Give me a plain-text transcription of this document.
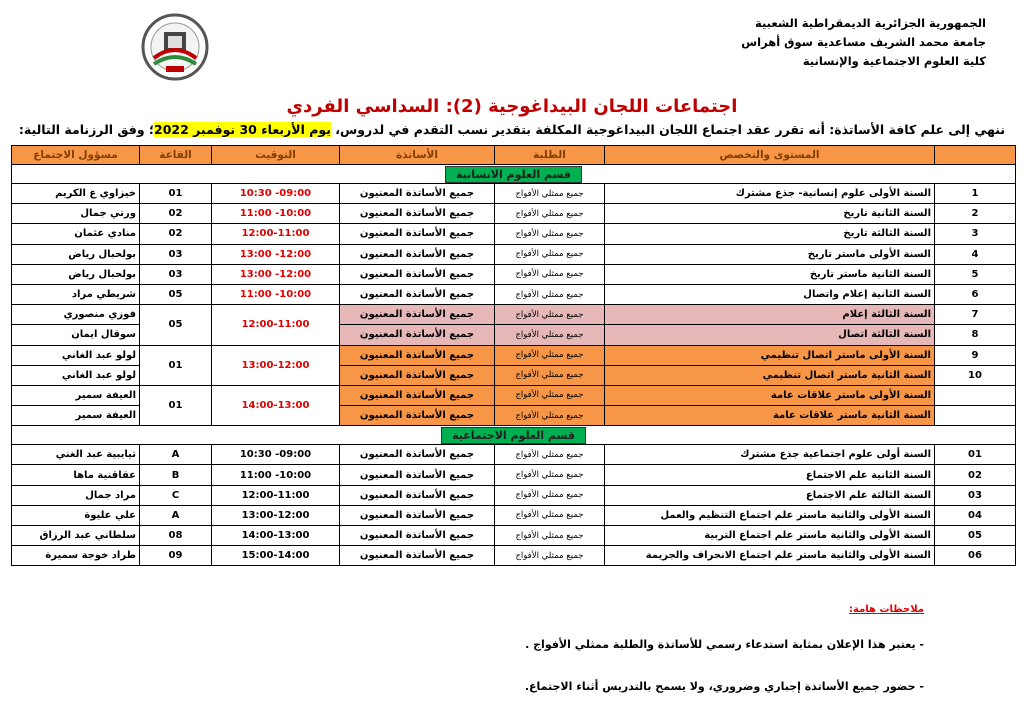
الجمهورية الجزائرية الديمقراطية الشعبية
جامعة محمد الشريف مساعدية سوق أهراس
كلية العلوم الاجتماعية والإنسانية
اجتماعات اللجان البيداغوجية (2): السداسي الفردي
ننهي إلى علم كافة الأساتذة: أنه تقرر عقد اجتماع اللجان البيداغوجية المكلفة بتقدير نسب التقدم في لدروس، يوم الأربعاء 30 نوفمبر 2022؛ وفق الرزنامة التالية:
مسؤول الاجتماع	القاعة	التوقيت	الأساتذة	الطلبة	المستوى والتخصص	
قسم العلوم الانسانية						
خيزاوي ع الكريم	01	10:30 -09:00	جميع الأساتذة المعنيون	جميع ممثلي الأفواج	السنة الأولى علوم إنسانية- جذع مشترك	1
ورتي جمال	02	11:00 -10:00	جميع الأساتذة المعنيون	جميع ممثلي الأفواج	السنة الثانية تاريخ	2
منادي عثمان	02	12:00-11:00	جميع الأساتذة المعنيون	جميع ممثلي الأفواج	السنة الثالثة تاريخ	3
بولحبال رياض	03	13:00 -12:00	جميع الأساتذة المعنيون	جميع ممثلي الأفواج	السنة الأولى ماستر تاريخ	4
بولحبال رياض	03	13:00 -12:00	جميع الأساتذة المعنيون	جميع ممثلي الأفواج	السنة الثانية ماستر تاريخ	5
شريطي مراد	05	11:00 -10:00	جميع الأساتذة المعنيون	جميع ممثلي الأفواج	السنة الثانية إعلام واتصال	6
فوزي منصوري	05	12:00-11:00	جميع الأساتذة المعنيون	جميع ممثلي الأفواج	السنة الثالثة إعلام	7
سوقال ايمان			جميع الأساتذة المعنيون	جميع ممثلي الأفواج	السنة الثالثة اتصال	8
لولو عبد الغاني	01	13:00-12:00	جميع الأساتذة المعنيون	جميع ممثلي الأفواج	السنة الأولى ماستر اتصال تنظيمي	9
لولو عبد الغاني			جميع الأساتذة المعنيون	جميع ممثلي الأفواج	السنة الثانية ماستر اتصال تنظيمي	10
العيفة سمير	01	14:00-13:00	جميع الأساتذة المعنيون	جميع ممثلي الأفواج	السنة الأولى ماستر علاقات عامة	
العيفة سمير			جميع الأساتذة المعنيون	جميع ممثلي الأفواج	السنة الثانية ماستر علاقات عامة	
قسم العلوم الاجتماعية						
تيايبية عبد الغني	A	10:30 -09:00	جميع الأساتذة المعنيون	جميع ممثلي الأفواج	السنة أولى علوم اجتماعية جذع مشترك	01
عقاقنية ماها	B	11:00 -10:00	جميع الأساتذة المعنيون	جميع ممثلي الأفواج	السنة الثانية علم الاجتماع	02
مراد جمال	C	12:00-11:00	جميع الأساتذة المعنيون	جميع ممثلي الأفواج	السنة الثالثة علم الاجتماع	03
علي عليوة	A	13:00-12:00	جميع الأساتذة المعنيون	جميع ممثلي الأفواج	السنة الأولى والثانية ماستر علم اجتماع التنظيم والعمل	04
سلطاني عبد الرزاق	08	14:00-13:00	جميع الأساتذة المعنيون	جميع ممثلي الأفواج	السنة الأولى والثانية ماستر علم اجتماع التربية	05
طراد خوجة سميرة	09	15:00-14:00	جميع الأساتذة المعنيون	جميع ممثلي الأفواج	السنة الأولى والثانية ماستر علم اجتماع الانحراف والجريمة	06
ملاحظات هامة:
- يعتبر هذا الإعلان بمثابة استدعاء رسمي للأساتذة والطلبة ممثلي الأفواج .
- حضور جميع الأساتذة إجباري وضروري، ولا يسمح بالتدريس أثناء الاجتماع.
